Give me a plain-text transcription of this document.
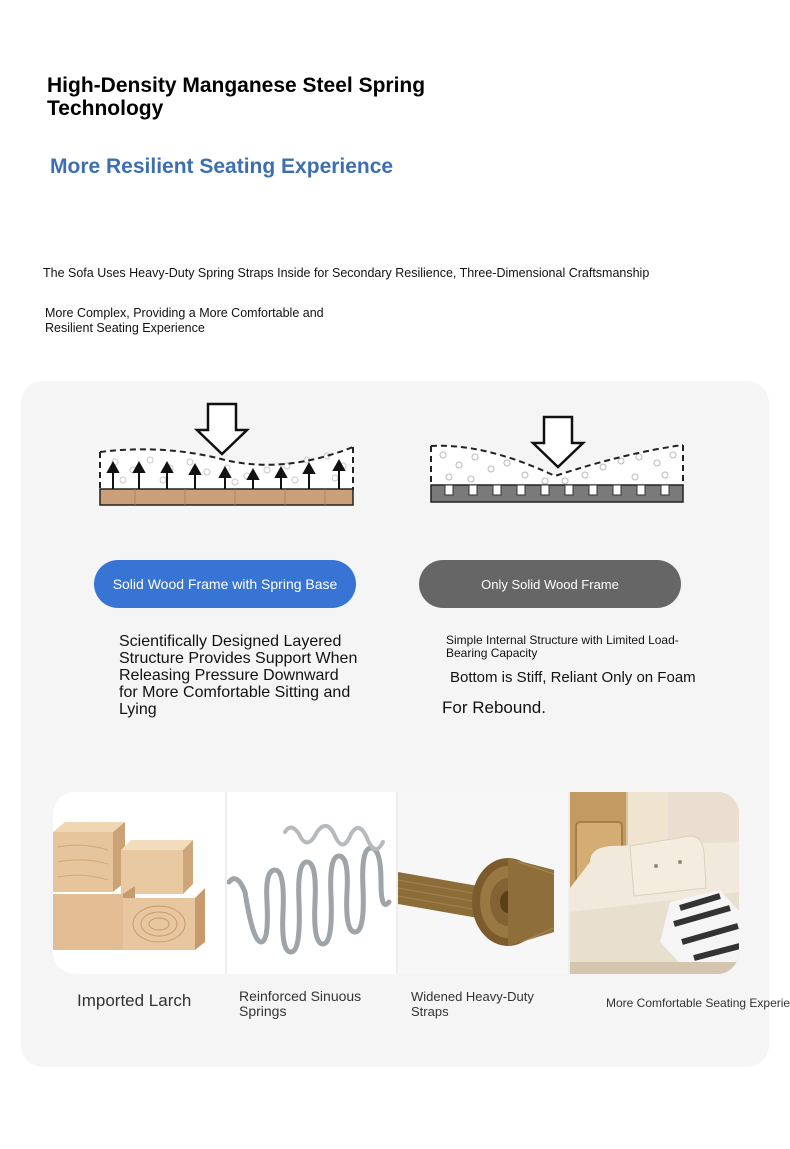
High-Density Manganese Steel Spring Technology
More Resilient Seating Experience
The Sofa Uses Heavy-Duty Spring Straps Inside for Secondary Resilience, Three-Dimensional Craftsmanship
More Complex, Providing a More Comfortable and Resilient Seating Experience
Solid Wood Frame with Spring Base	Only Solid Wood Frame
Scientifically Designed Layered Structure Provides Support When Releasing Pressure Downward for More Comfortable Sitting and Lying
Simple Internal Structure with Limited Load-Bearing Capacity
Bottom is Stiff, Reliant Only on Foam
For Rebound.
Imported Larch	Reinforced Sinuous Springs
Widened Heavy-Duty Straps
More Comfortable Seating Experie
